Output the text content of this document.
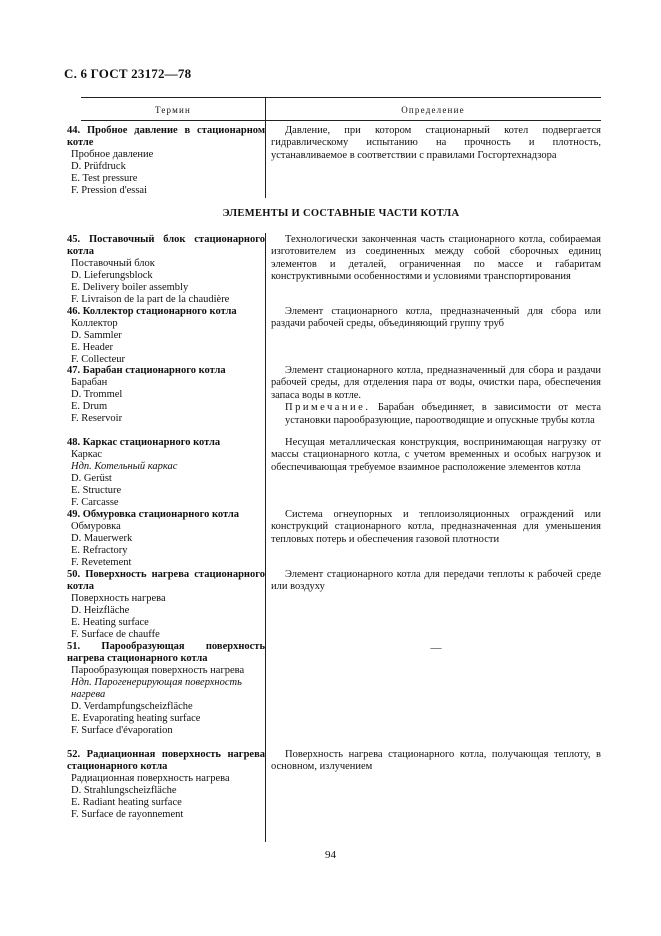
С. 6 ГОСТ 23172—78
Термин	Определение
44. Пробное давление в стационарном котле
Пробное давление
D. Prüfdruck
E. Test pressure
F. Pression d'essai
Давление, при котором стационарный котел подвергается гидравлическому испытанию на прочность и плотность, устанавливаемое в соответствии с правилами Госгортехнадзора
ЭЛЕМЕНТЫ И СОСТАВНЫЕ ЧАСТИ КОТЛА
45. Поставочный блок стационарного котла
Поставочный блок
D. Lieferungsblock
E. Delivery boiler assembly
F. Livraison de la part de la chaudière
Технологически законченная часть стационарного котла, собираемая изготовителем из соединенных между собой сборочных единиц элементов и деталей, ограниченная по массе и габаритам конструктивными особенностями и условиями транспортирования
46. Коллектор стационарного котла
Коллектор
D. Sammler
E. Header
F. Collecteur
Элемент стационарного котла, предназначенный для сбора или раздачи рабочей среды, объединяющий группу труб
47. Барабан стационарного котла
Барабан
D. Trommel
E. Drum
F. Reservoir
Элемент стационарного котла, предназначенный для сбора и раздачи рабочей среды, для отделения пара от воды, очистки пара, обеспечения запаса воды в котле.
Примечание. Барабан объединяет, в зависимости от места установки парообразующие, пароотводящие и опускные трубы котла
48. Каркас стационарного котла
Каркас
Ндп. Котельный каркас
D. Gerüst
E. Structure
F. Carcasse
Несущая металлическая конструкция, воспринимающая нагрузку от массы стационарного котла, с учетом временных и особых нагрузок и обеспечивающая требуемое взаимное расположение элементов котла
49. Обмуровка стационарного котла
Обмуровка
D. Mauerwerk
E. Refractory
F. Revetement
Система огнеупорных и теплоизоляционных ограждений или конструкций стационарного котла, предназначенная для уменьшения тепловых потерь и обеспечения газовой плотности
50. Поверхность нагрева стационарного котла
Поверхность нагрева
D. Heizfläche
E. Heating surface
F. Surface de chauffe
Элемент стационарного котла для передачи теплоты к рабочей среде или воздуху
51. Парообразующая поверхность нагрева стационарного котла
Парообразующая поверхность нагрева
Ндп. Парогенерирующая поверхность нагрева
D. Verdampfungscheizfläche
E. Evaporating heating surface
F. Surface d'évaporation
—
52. Радиационная поверхность нагрева стационарного котла
Радиационная поверхность нагрева
D. Strahlungscheizfläche
E. Radiant heating surface
F. Surface de rayonnement
Поверхность нагрева стационарного котла, получающая теплоту, в основном, излучением
94
